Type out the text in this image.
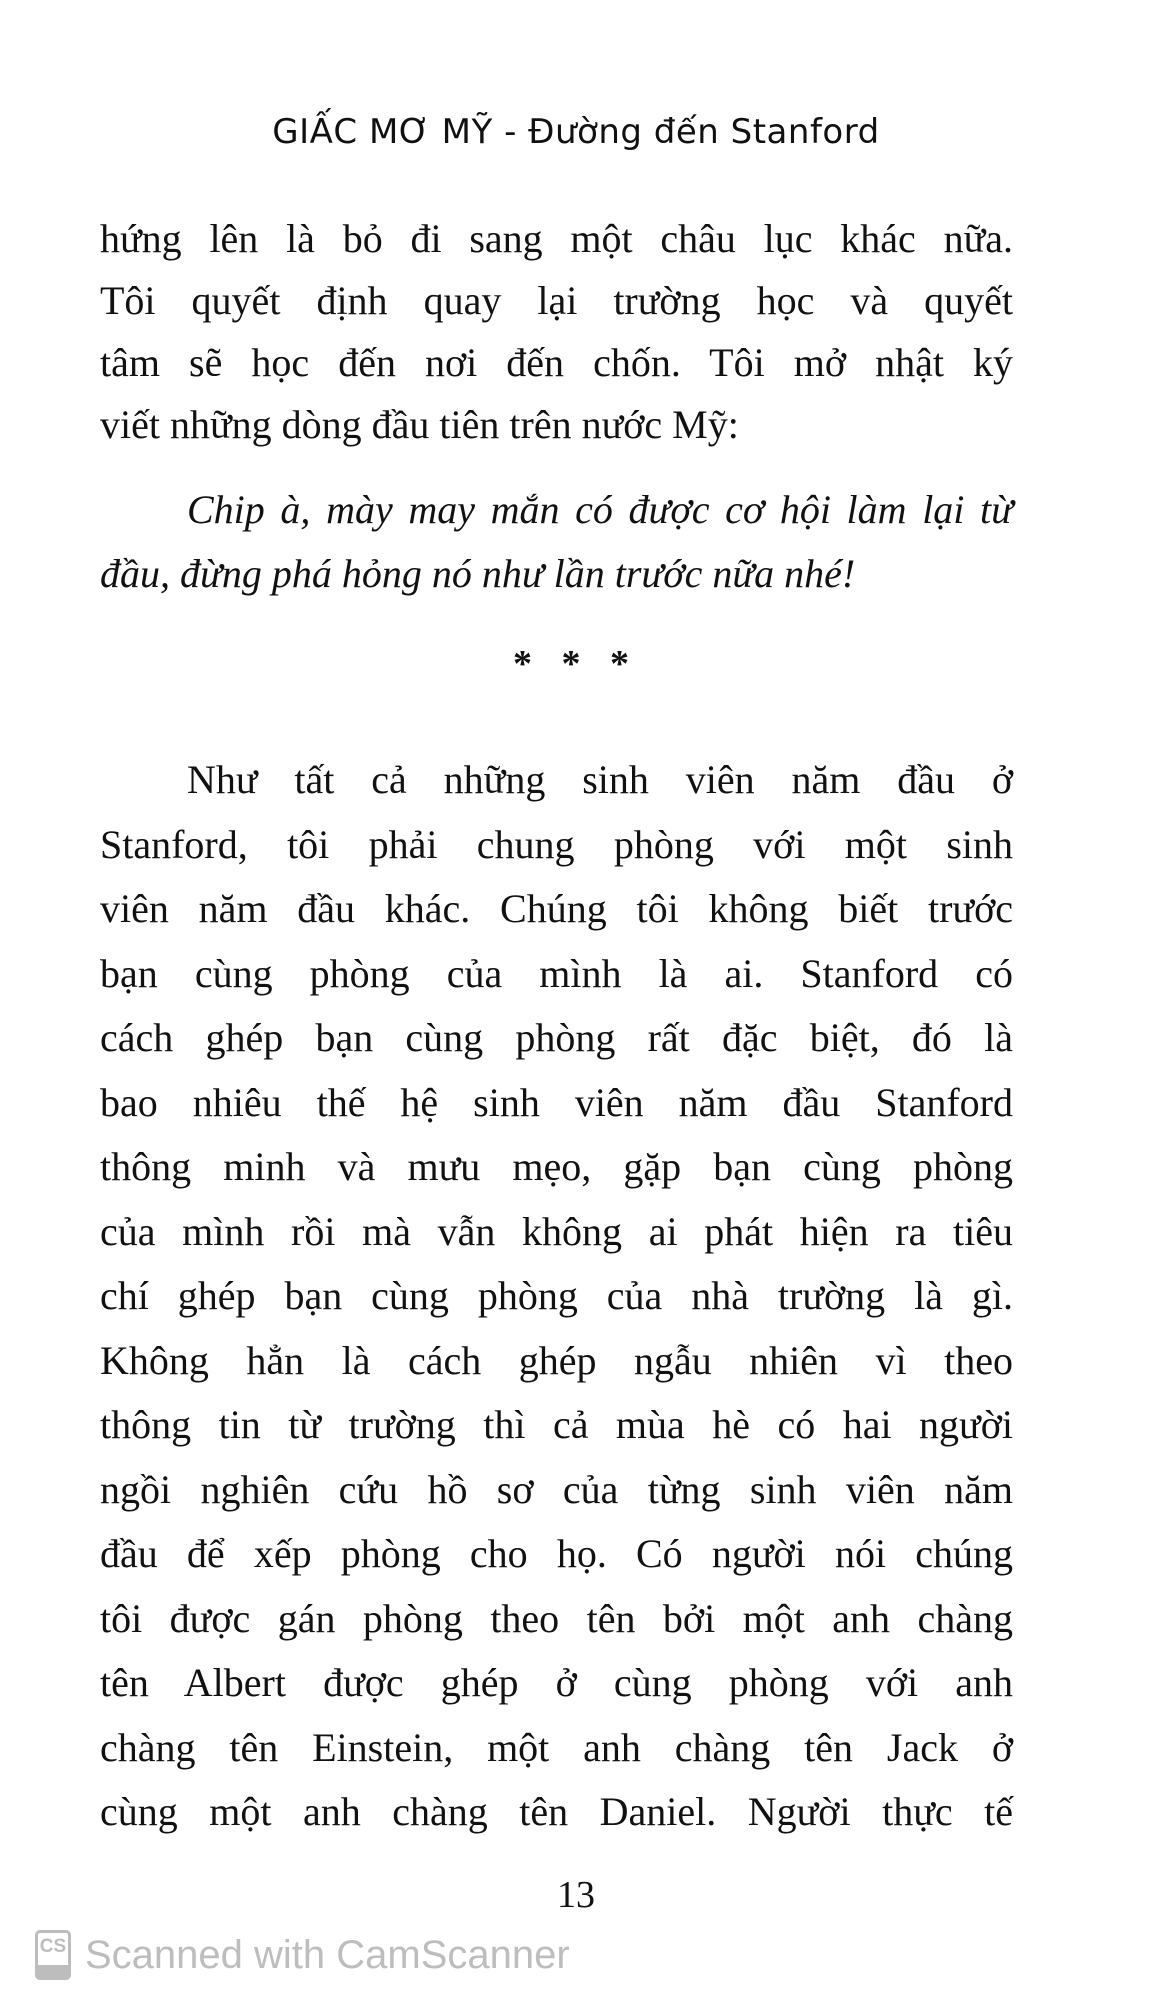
GIẤC MƠ MỸ - Đường đến Stanford
hứng lên là bỏ đi sang một châu lục khác nữa.
Tôi quyết định quay lại trường học và quyết
tâm sẽ học đến nơi đến chốn. Tôi mở nhật ký
viết những dòng đầu tiên trên nước Mỹ:
Chip à, mày may mắn có được cơ hội làm lại từ
đầu, đừng phá hỏng nó như lần trước nữa nhé!
* * *
Như tất cả những sinh viên năm đầu ở
Stanford, tôi phải chung phòng với một sinh
viên năm đầu khác. Chúng tôi không biết trước
bạn cùng phòng của mình là ai. Stanford có
cách ghép bạn cùng phòng rất đặc biệt, đó là
bao nhiêu thế hệ sinh viên năm đầu Stanford
thông minh và mưu mẹo, gặp bạn cùng phòng
của mình rồi mà vẫn không ai phát hiện ra tiêu
chí ghép bạn cùng phòng của nhà trường là gì.
Không hẳn là cách ghép ngẫu nhiên vì theo
thông tin từ trường thì cả mùa hè có hai người
ngồi nghiên cứu hồ sơ của từng sinh viên năm
đầu để xếp phòng cho họ. Có người nói chúng
tôi được gán phòng theo tên bởi một anh chàng
tên Albert được ghép ở cùng phòng với anh
chàng tên Einstein, một anh chàng tên Jack ở
cùng một anh chàng tên Daniel. Người thực tế
13
CS Scanned with CamScanner
